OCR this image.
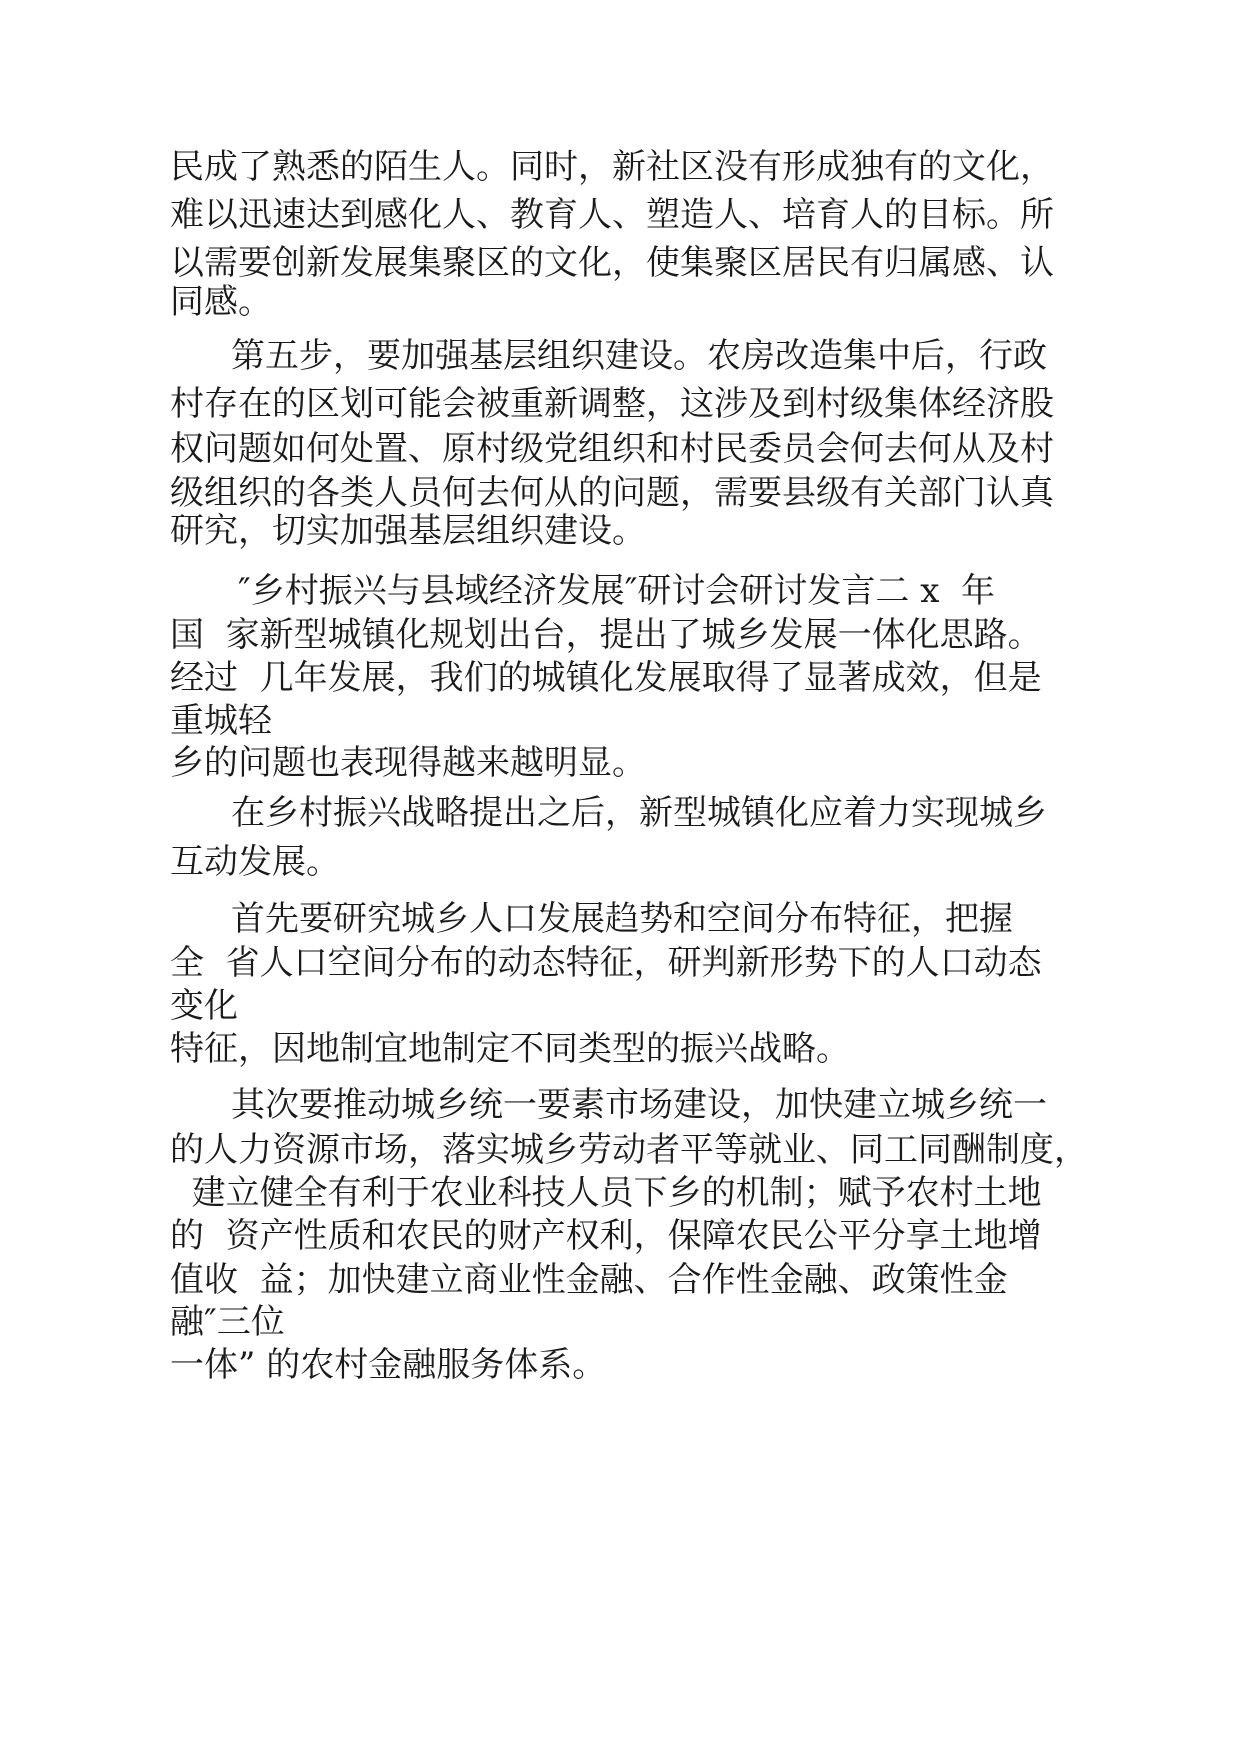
民成了熟悉的陌生人。同时，新社区没有形成独有的文化，

难以迅速达到感化人、教育人、塑造人、培育人的目标。所

以需要创新发展集聚区的文化，使集聚区居民有归属感、认

同感。

第五步，要加强基层组织建设。农房改造集中后，行政

村存在的区划可能会被重新调整，这涉及到村级集体经济股

权问题如何处置、原村级党组织和村民委员会何去何从及村

级组织的各类人员何去何从的问题，需要县级有关部门认真

研究，切实加强基层组织建设。

″乡村振兴与县域经济发展″研讨会研讨发言二 x  年

国  家新型城镇化规划出台，提出了城乡发展一体化思路。

经过  几年发展，我们的城镇化发展取得了显著成效，但是

重城轻

乡的问题也表现得越来越明显。

在乡村振兴战略提出之后，新型城镇化应着力实现城乡

互动发展。

首先要研究城乡人口发展趋势和空间分布特征，把握

全  省人口空间分布的动态特征，研判新形势下的人口动态

变化

特征，因地制宜地制定不同类型的振兴战略。

其次要推动城乡统一要素市场建设，加快建立城乡统一

的人力资源市场，落实城乡劳动者平等就业、同工同酬制度，

建立健全有利于农业科技人员下乡的机制；赋予农村土地

的  资产性质和农民的财产权利，保障农民公平分享土地增

值收  益；加快建立商业性金融、合作性金融、政策性金

融″三位

一体” 的农村金融服务体系。
